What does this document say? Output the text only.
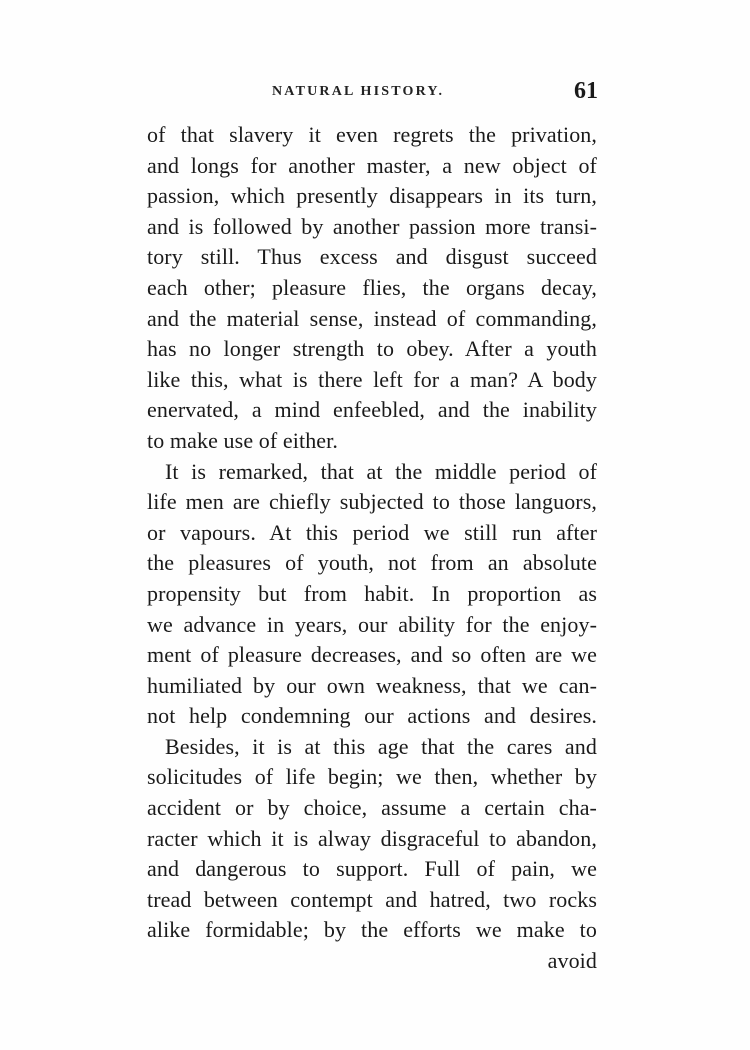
NATURAL HISTORY.	61
of that slavery it even regrets the privation,
and longs for another master, a new object of
passion, which presently disappears in its turn,
and is followed by another passion more transi-
tory still. Thus excess and disgust succeed
each other; pleasure flies, the organs decay,
and the material sense, instead of commanding,
has no longer strength to obey. After a youth
like this, what is there left for a man? A body
enervated, a mind enfeebled, and the inability
to make use of either.
It is remarked, that at the middle period of
life men are chiefly subjected to those languors,
or vapours. At this period we still run after
the pleasures of youth, not from an absolute
propensity but from habit. In proportion as
we advance in years, our ability for the enjoy-
ment of pleasure decreases, and so often are we
humiliated by our own weakness, that we can-
not help condemning our actions and desires.
Besides, it is at this age that the cares and
solicitudes of life begin; we then, whether by
accident or by choice, assume a certain cha-
racter which it is alway disgraceful to abandon,
and dangerous to support. Full of pain, we
tread between contempt and hatred, two rocks
alike formidable; by the efforts we make to
avoid
